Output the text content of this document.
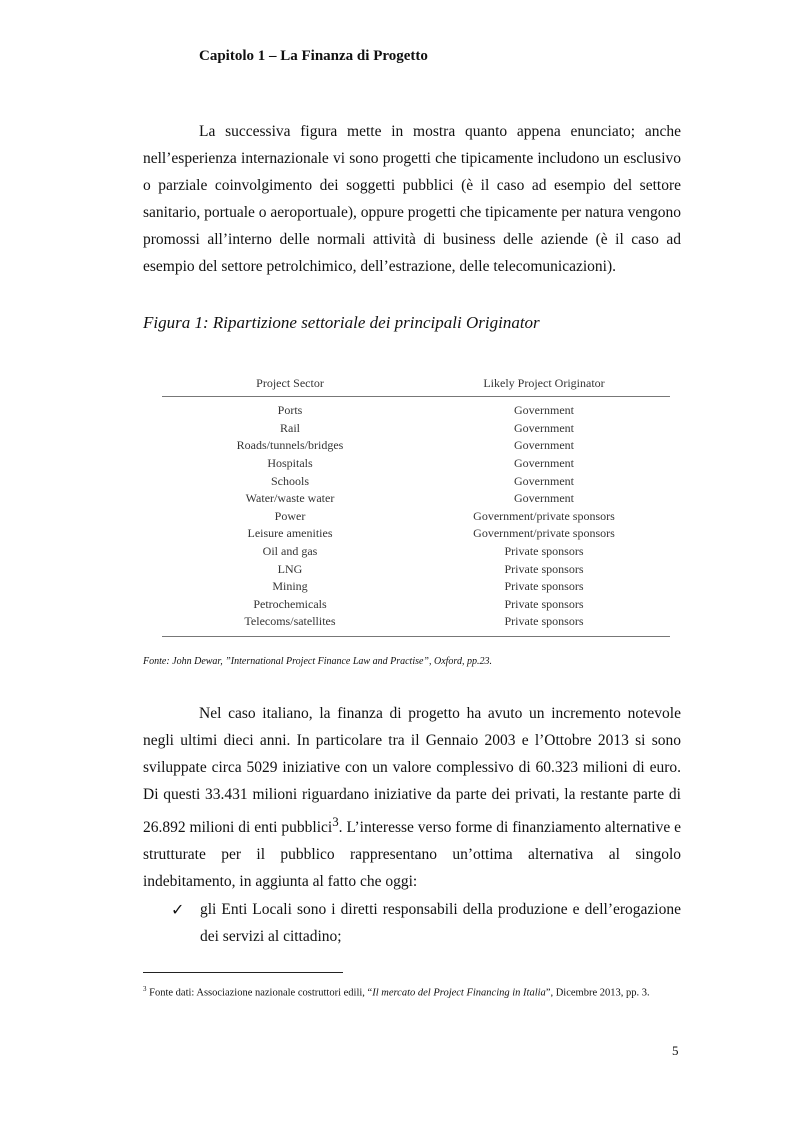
Capitolo 1 – La Finanza di Progetto

La successiva figura mette in mostra quanto appena enunciato; anche nell’esperienza internazionale vi sono progetti che tipicamente includono un esclusivo o parziale coinvolgimento dei soggetti pubblici (è il caso ad esempio del settore sanitario, portuale o aeroportuale), oppure progetti che tipicamente per natura vengono promossi all’interno delle normali attività di business delle aziende (è il caso ad esempio del settore petrolchimico, dell’estrazione, delle telecomunicazioni).

Figura 1: Ripartizione settoriale dei principali Originator
Project Sector	Likely Project Originator
Ports	Government
Rail	Government
Roads/tunnels/bridges	Government
Hospitals	Government
Schools	Government
Water/waste water	Government
Power	Government/private sponsors
Leisure amenities	Government/private sponsors
Oil and gas	Private sponsors
LNG	Private sponsors
Mining	Private sponsors
Petrochemicals	Private sponsors
Telecoms/satellites	Private sponsors
Fonte: John Dewar, ”International Project Finance Law and Practise”, Oxford, pp.23.

Nel caso italiano, la finanza di progetto ha avuto un incremento notevole negli ultimi dieci anni. In particolare tra il Gennaio 2003 e l’Ottobre 2013 si sono sviluppate circa 5029 iniziative con un valore complessivo di 60.323 milioni di euro. Di questi 33.431 milioni riguardano iniziative da parte dei privati, la restante parte di 26.892 milioni di enti pubblici$^3$. L’interesse verso forme di finanziamento alternative e strutturate per il pubblico rappresentano un’ottima alternativa al singolo indebitamento, in aggiunta al fatto che oggi:

✓ gli Enti Locali sono i diretti responsabili della produzione e dell’erogazione dei servizi al cittadino;

$^3$ Fonte dati: Associazione nazionale costruttori edili, “Il mercato del Project Financing in Italia”, Dicembre 2013, pp. 3.

5
